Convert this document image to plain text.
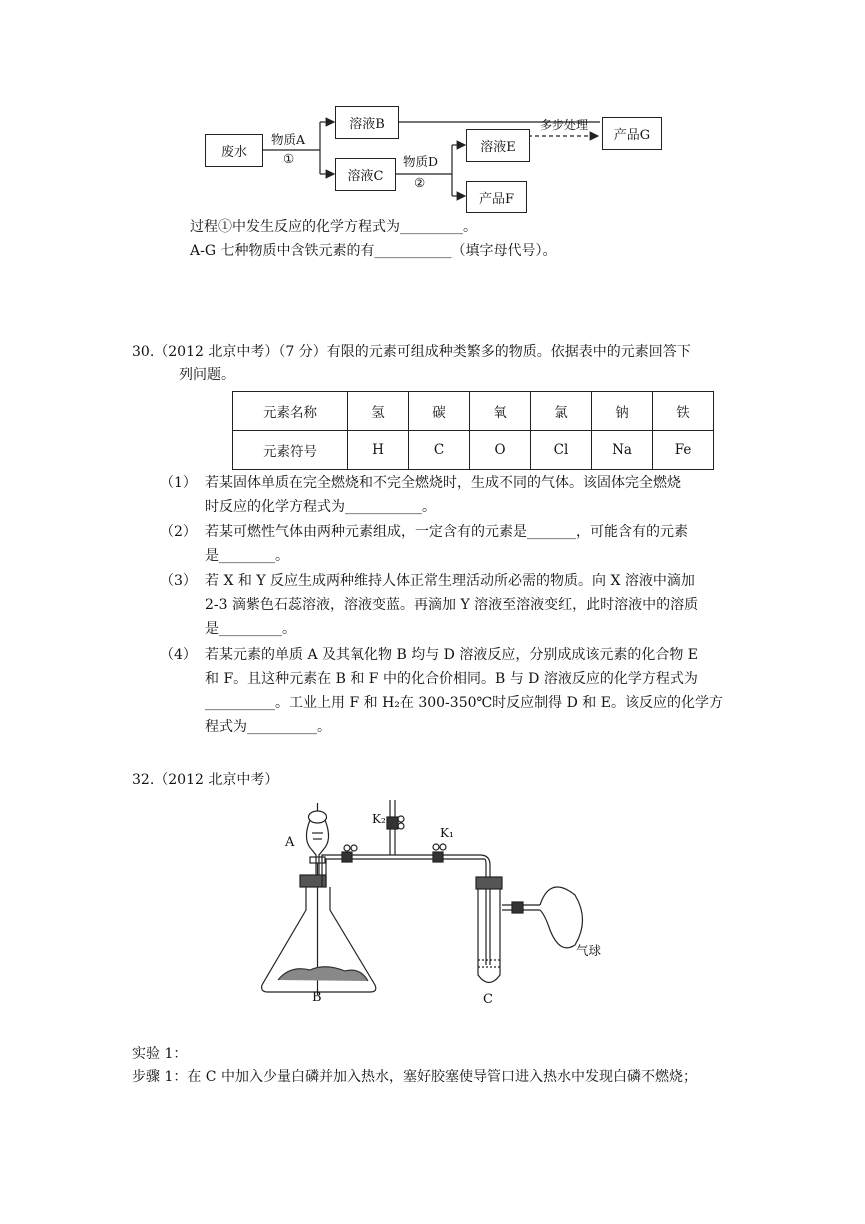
废水
溶液B
溶液C
溶液E
产品F
产品G
物质A
①	物质D
②
多步处理
过程①中发生反应的化学方程式为_________。
A-G 七种物质中含铁元素的有___________（填字母代号）。
30.（2012 北京中考）（7 分）有限的元素可组成种类繁多的物质。依据表中的元素回答下
列问题。
元素名称	氢	碳	氧	氯	钠	铁
元素符号	H	C	O	Cl	Na	Fe
（1） 若某固体单质在完全燃烧和不完全燃烧时，生成不同的气体。该固体完全燃烧
时反应的化学方程式为___________。
（2） 若某可燃性气体由两种元素组成，一定含有的元素是_______，可能含有的元素
是________。
（3） 若 X 和 Y 反应生成两种维持人体正常生理活动所必需的物质。向 X 溶液中滴加
2-3 滴紫色石蕊溶液，溶液变蓝。再滴加 Y 溶液至溶液变红，此时溶液中的溶质
是_________。
（4） 若某元素的单质 A 及其氧化物 B 均与 D 溶液反应，分别成成该元素的化合物 E
和 F。且这种元素在 B 和 F 中的化合价相同。B 与 D 溶液反应的化学方程式为
__________。工业上用 F 和 H₂在 300-350℃时反应制得 D 和 E。该反应的化学方
程式为__________。
32.（2012 北京中考）
A
B	C
K₂
K₁
气球
实验 1：
步骤 1：在 C 中加入少量白磷并加入热水，塞好胶塞使导管口进入热水中发现白磷不燃烧；
